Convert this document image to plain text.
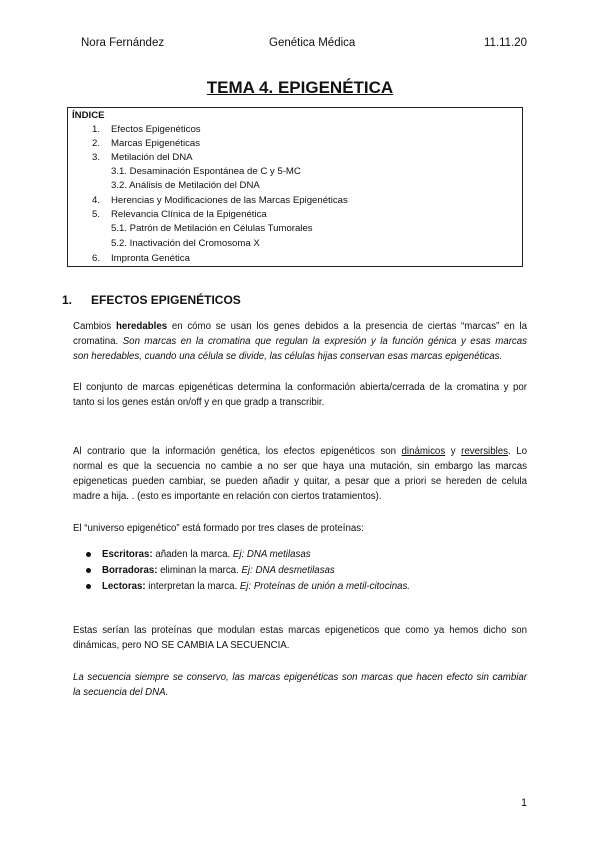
Nora Fernández	Genética Médica	11.11.20
TEMA 4. EPIGENÉTICA
ÍNDICE
1. Efectos Epigenéticos
2. Marcas Epigenéticas
3. Metilación del DNA
3.1. Desaminación Espontánea de C y 5-MC
3.2. Análisis de Metilación del DNA
4. Herencias y Modificaciones de las Marcas Epigenéticas
5. Relevancia Clínica de la Epigenética
5.1. Patrón de Metilación en Células Tumorales
5.2. Inactivación del Cromosoma X
6. Impronta Genética
1. EFECTOS EPIGENÉTICOS
Cambios heredables en cómo se usan los genes debidos a la presencia de ciertas “marcas” en la
cromatina. Son marcas en la cromatina que regulan la expresión y la función génica y esas marcas
son heredables, cuando una célula se divide, las células hijas conservan esas marcas epigenéticas.
El conjunto de marcas epigenéticas determina la conformación abierta/cerrada de la cromatina y por
tanto si los genes están on/off y en que gradp a transcribir.
Al contrario que la información genética, los efectos epigenéticos son dinámicos y reversibles. Lo
normal es que la secuencia no cambie a no ser que haya una mutación, sin embargo las marcas
epigeneticas pueden cambiar, se pueden añadir y quitar, a pesar que a priori se hereden de celula
madre a hija. . (esto es importante en relación con ciertos tratamientos).
El “universo epigenético” está formado por tres clases de proteínas:
Escritoras: añaden la marca. Ej: DNA metilasas
Borradoras: eliminan la marca. Ej: DNA desmetilasas
Lectoras: interpretan la marca. Ej: Proteínas de unión a metil-citocinas.
Estas serían las proteínas que modulan estas marcas epigeneticos que como ya hemos dicho son
dinámicas, pero NO SE CAMBIA LA SECUENCIA.
La secuencia siempre se conservo, las marcas epigenéticas son marcas que hacen efecto sin cambiar
la secuencia del DNA.
1
